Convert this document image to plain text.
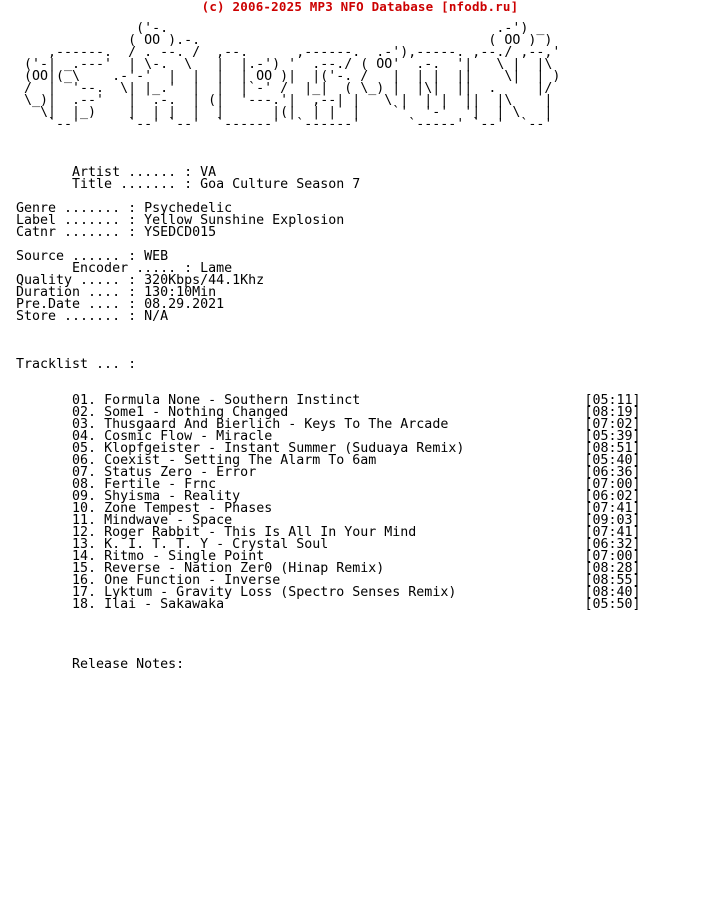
(c) 2006-2025 MP3 NFO Database [nfodb.ru]
('-.                                         .-') _
( OO ).-.                                    ( OO ) )
,------.  / . --. /  ,--.      ,------.  .-'),-----. ,--./ ,--,'
('-| _.---'  | \-.  \   |  |.-') '  .--./ ( OO'  .-.  '|   \ |  |\
(OO|(_\    .-'-'  |  |  |  | OO )|  |('-. /   |  | |  ||    \|  | )
/  |  '--.  \| |_.'  |  |  |`-' /  |_|  ( \_) |  |\|  ||  .     |/
\_)|  .--'   |  .-.  | (|  '---.'|  ,--| |   \ |  | |  ||  |\    |
\|  |_)    |  | |  |  |      |(|  | |  |    `'  '-'  '|  | \   |
`--'      `--' `--'  `------'  `------'      `-----' `--'  `--'
Artist ...... : VA
Title ....... : Goa Culture Season 7

Genre ....... : Psychedelic
Label ....... : Yellow Sunshine Explosion
Catnr ....... : YSEDCD015

Source ...... : WEB
Encoder ..... : Lame
Quality ..... : 320Kbps/44.1Khz
Duration .... : 130:10Min
Pre.Date .... : 08.29.2021
Store ....... : N/A
Tracklist ... :
01. Formula None - Southern Instinct	[05:11]
02. Some1 - Nothing Changed	[08:19]
03. Thusgaard And Bierlich - Keys To The Arcade	[07:02]
04. Cosmic Flow - Miracle	[05:39]
05. Klopfgeister - Instant Summer (Suduaya Remix)	[08:51]
06. Coexist - Setting The Alarm To 6am	[05:40]
07. Status Zero - Error	[06:36]
08. Fertile - Frnc	[07:00]
09. Shyisma - Reality	[06:02]
10. Zone Tempest - Phases	[07:41]
11. Mindwave - Space	[09:03]
12. Roger Rabbit - This Is All In Your Mind	[07:41]
13. K. I. T. T. Y - Crystal Soul	[06:32]
14. Ritmo - Single Point	[07:00]
15. Reverse - Nation Zer0 (Hinap Remix)	[08:28]
16. One Function - Inverse	[08:55]
17. Lyktum - Gravity Loss (Spectro Senses Remix)	[08:40]
18. Ilai - Sakawaka	[05:50]
Release Notes:
